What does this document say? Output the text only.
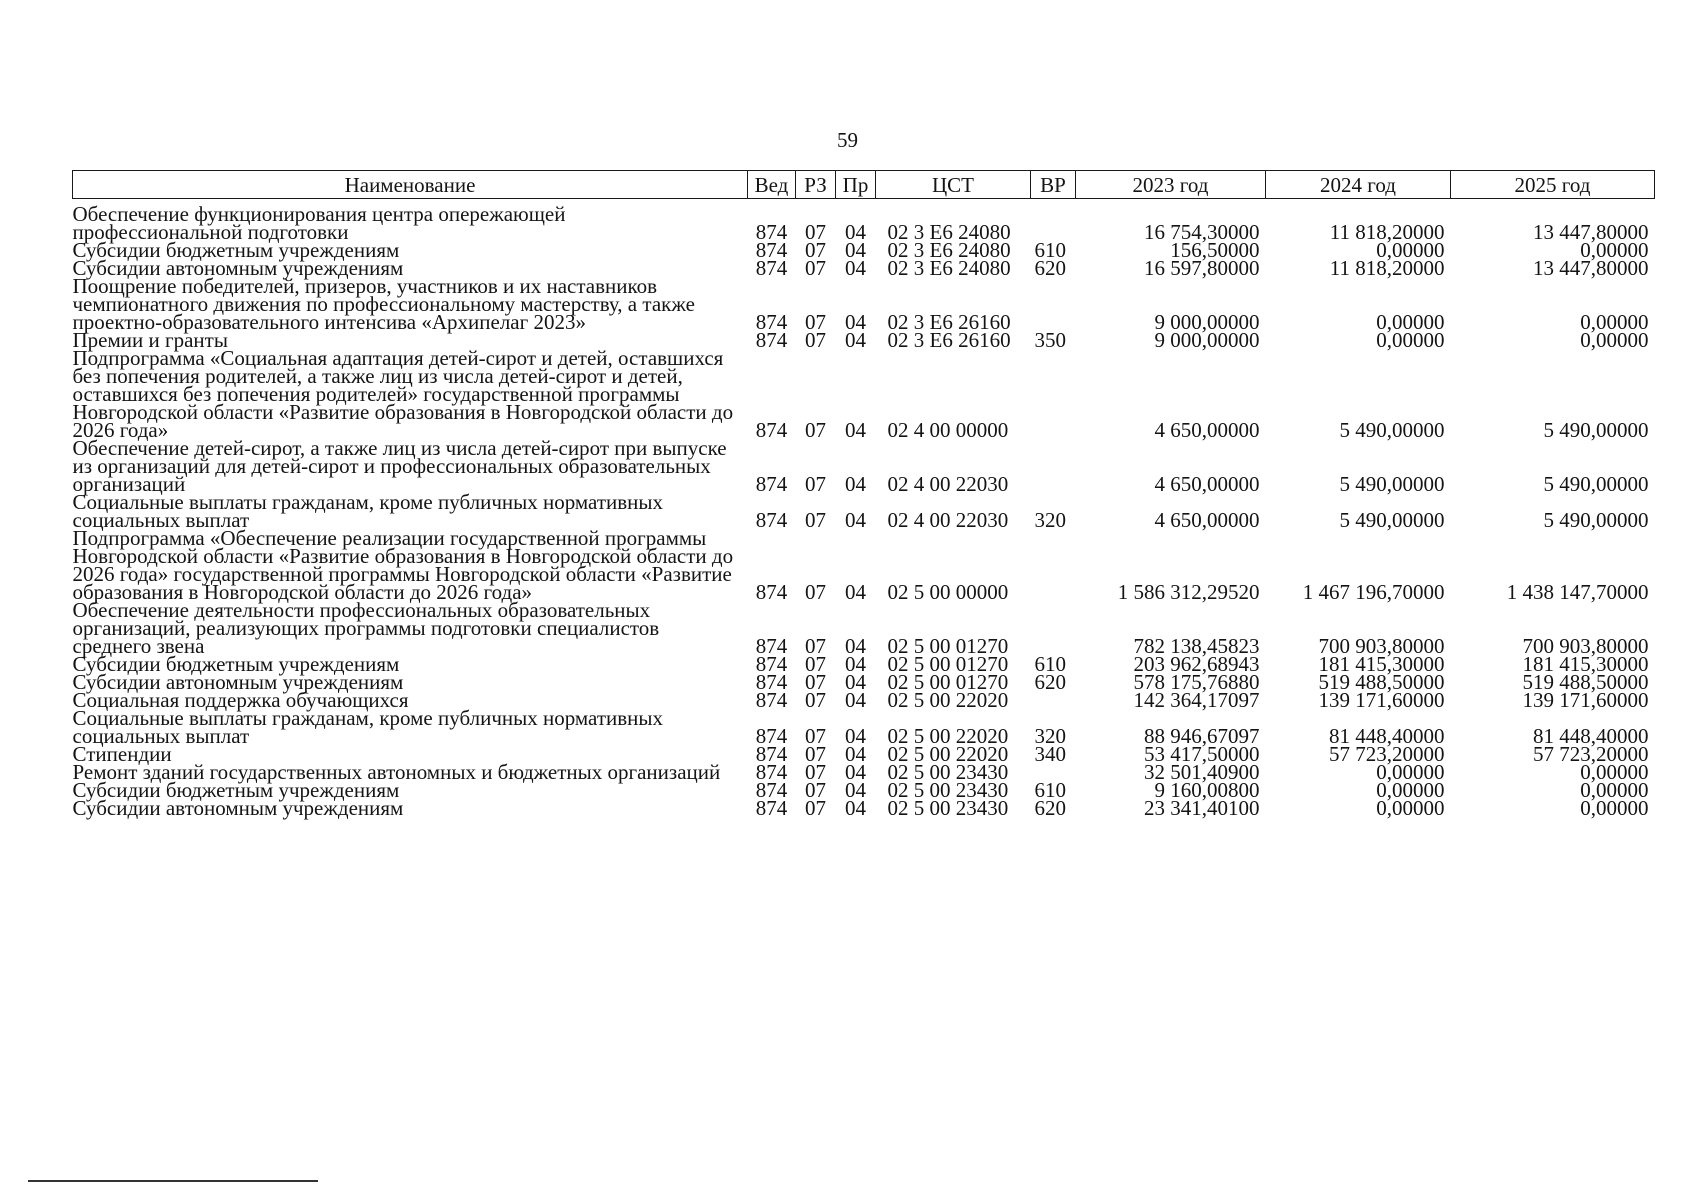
59
Наименование	Вед	РЗ	Пр	ЦСТ	ВР	2023 год	2024 год	2025 год
Обеспечение функционирования центра опережающей профессиональной подготовки	874	07	04	02 3 E6 24080		16 754,30000	11 818,20000	13 447,80000
Субсидии бюджетным учреждениям	874	07	04	02 3 E6 24080	610	156,50000	0,00000	0,00000
Субсидии автономным учреждениям	874	07	04	02 3 E6 24080	620	16 597,80000	11 818,20000	13 447,80000
Поощрение победителей, призеров, участников и их наставников чемпионатного движения по профессиональному мастерству, а также проектно-образовательного интенсива «Архипелаг 2023»	874	07	04	02 3 E6 26160		9 000,00000	0,00000	0,00000
Премии и гранты	874	07	04	02 3 E6 26160	350	9 000,00000	0,00000	0,00000
Подпрограмма «Социальная адаптация детей-сирот и детей, оставшихся без попечения родителей, а также лиц из числа детей-сирот и детей, оставшихся без попечения родителей» государственной программы Новгородской области «Развитие образования в Новгородской области до 2026 года»	874	07	04	02 4 00 00000		4 650,00000	5 490,00000	5 490,00000
Обеспечение детей-сирот, а также лиц из числа детей-сирот при выпуске из организаций для детей-сирот и профессиональных образовательных организаций	874	07	04	02 4 00 22030		4 650,00000	5 490,00000	5 490,00000
Социальные выплаты гражданам, кроме публичных нормативных социальных выплат	874	07	04	02 4 00 22030	320	4 650,00000	5 490,00000	5 490,00000
Подпрограмма «Обеспечение реализации государственной программы Новгородской области «Развитие образования в Новгородской области до 2026 года» государственной программы Новгородской области «Развитие образования в Новгородской области до 2026 года»	874	07	04	02 5 00 00000		1 586 312,29520	1 467 196,70000	1 438 147,70000
Обеспечение деятельности профессиональных образовательных организаций, реализующих программы подготовки специалистов среднего звена	874	07	04	02 5 00 01270		782 138,45823	700 903,80000	700 903,80000
Субсидии бюджетным учреждениям	874	07	04	02 5 00 01270	610	203 962,68943	181 415,30000	181 415,30000
Субсидии автономным учреждениям	874	07	04	02 5 00 01270	620	578 175,76880	519 488,50000	519 488,50000
Социальная поддержка обучающихся	874	07	04	02 5 00 22020		142 364,17097	139 171,60000	139 171,60000
Социальные выплаты гражданам, кроме публичных нормативных социальных выплат	874	07	04	02 5 00 22020	320	88 946,67097	81 448,40000	81 448,40000
Стипендии	874	07	04	02 5 00 22020	340	53 417,50000	57 723,20000	57 723,20000
Ремонт зданий государственных автономных и бюджетных организаций	874	07	04	02 5 00 23430		32 501,40900	0,00000	0,00000
Субсидии бюджетным учреждениям	874	07	04	02 5 00 23430	610	9 160,00800	0,00000	0,00000
Субсидии автономным учреждениям	874	07	04	02 5 00 23430	620	23 341,40100	0,00000	0,00000
